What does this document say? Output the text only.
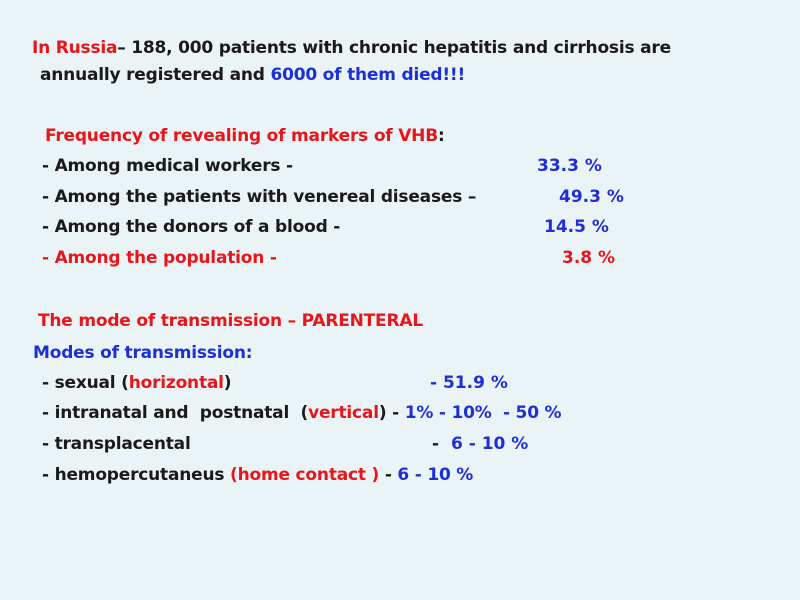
In Russia– 188, 000 patients with chronic hepatitis and cirrhosis are
annually registered and 6000 of them died!!!
Frequency of revealing of markers of VHB:
- Among medical workers -	33.3 %
- Among the patients with venereal diseases –	49.3 %
- Among the donors of a blood -	14.5 %
- Among the population -	3.8 %
The mode of transmission – PARENTERAL
Modes of transmission:
- sexual (horizontal)	- 51.9 %
- intranatal and  postnatal  (vertical) - 1% - 10%  - 50 %
- transplacental	- 6 - 10 %
- hemopercutaneus (home contact ) - 6 - 10 %
